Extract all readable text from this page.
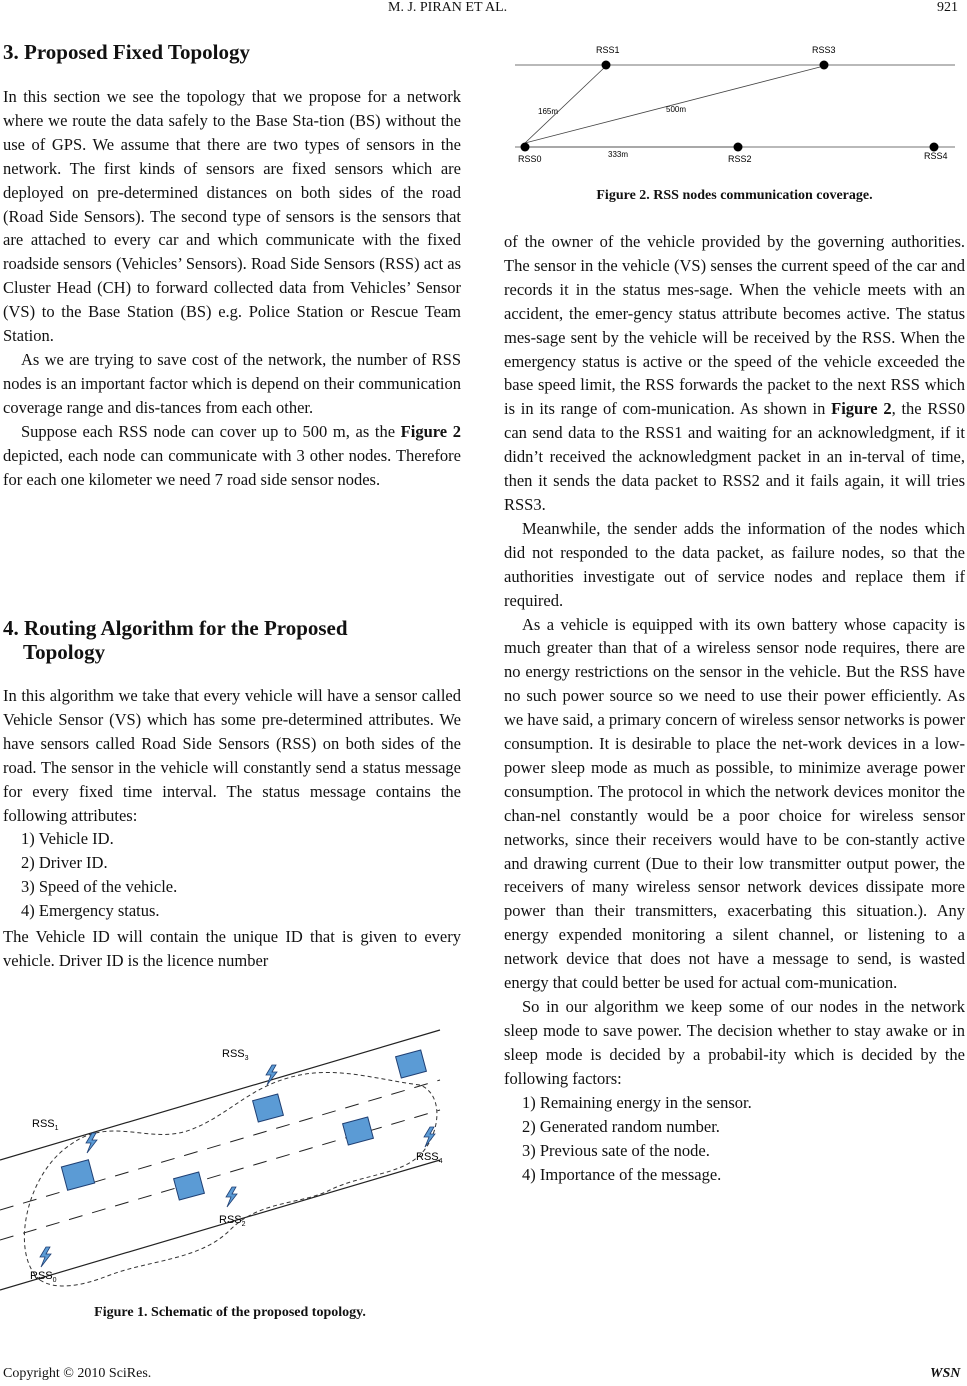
M. J. PIRAN ET AL.	921
3. Proposed Fixed Topology

In this section we see the topology that we propose for a network where we route the data safely to the Base Sta-tion (BS) without the use of GPS. We assume that there are two types of sensors in the network. The first kinds of sensors are fixed sensors which are deployed on pre-determined distances on both sides of the road (Road Side Sensors). The second type of sensors is the sensors that are attached to every car and which communicate with the fixed roadside sensors (Vehicles’ Sensors). Road Side Sensors (RSS) act as Cluster Head (CH) to forward collected data from Vehicles’ Sensor (VS) to the Base Station (BS) e.g. Police Station or Rescue Team Station.

As we are trying to save cost of the network, the number of RSS nodes is an important factor which is depend on their communication coverage range and dis-tances from each other.

Suppose each RSS node can cover up to 500 m, as the Figure 2 depicted, each node can communicate with 3 other nodes. Therefore for each one kilometer we need 7 road side sensor nodes.

4. Routing Algorithm for the Proposed
Topology

In this algorithm we take that every vehicle will have a sensor called Vehicle Sensor (VS) which has some pre-determined attributes. We have sensors called Road Side Sensors (RSS) on both sides of the road. The sensor in the vehicle will constantly send a status message for every fixed time interval. The status message contains the following attributes:

1) Vehicle ID.
2) Driver ID.
3) Speed of the vehicle.
4) Emergency status.

The Vehicle ID will contain the unique ID that is given to every vehicle. Driver ID is the licence number

$RSS_3$
$RSS_1$
$RSS_4$
$RSS_2$
$RSS_0$
Figure 1. Schematic of the proposed topology.
RSS1	RSS3
RSS0	RSS2	RSS4
165m	500m
333m
Figure 2. RSS nodes communication coverage.

of the owner of the vehicle provided by the governing authorities. The sensor in the vehicle (VS) senses the current speed of the car and records it in the status mes-sage. When the vehicle meets with an accident, the emer-gency status attribute becomes active. The status mes-sage sent by the vehicle will be received by the RSS. When the emergency status is active or the speed of the vehicle exceeded the base speed limit, the RSS forwards the packet to the next RSS which is in its range of com-munication. As shown in Figure 2, the RSS0 can send data to the RSS1 and waiting for an acknowledgment, if it didn’t received the acknowledgment packet in an in-terval of time, then it sends the data packet to RSS2 and it fails again, it will tries RSS3.

Meanwhile, the sender adds the information of the nodes which did not responded to the data packet, as failure nodes, so that the authorities investigate out of service nodes and replace them if required.

As a vehicle is equipped with its own battery whose capacity is much greater than that of a wireless sensor node requires, there are no energy restrictions on the sensor in the vehicle. But the RSS have no such power source so we need to use their power efficiently. As we have said, a primary concern of wireless sensor networks is power consumption. It is desirable to place the net-work devices in a low-power sleep mode as much as possible, to minimize average power consumption. The protocol in which the network devices monitor the chan-nel constantly would be a poor choice for wireless sensor networks, since their receivers would have to be con-stantly active and drawing current (Due to their low transmitter output power, the receivers of many wireless sensor network devices dissipate more power than their transmitters, exacerbating this situation.). Any energy expended monitoring a silent channel, or listening to a network device that does not have a message to send, is wasted energy that could better be used for actual com-munication.

So in our algorithm we keep some of our nodes in the network sleep mode to save power. The decision whether to stay awake or in sleep mode is decided by a probabil-ity which is decided by the following factors:

1) Remaining energy in the sensor.
2) Generated random number.
3) Previous sate of the node.
4) Importance of the message.
Copyright © 2010 SciRes.	WSN
